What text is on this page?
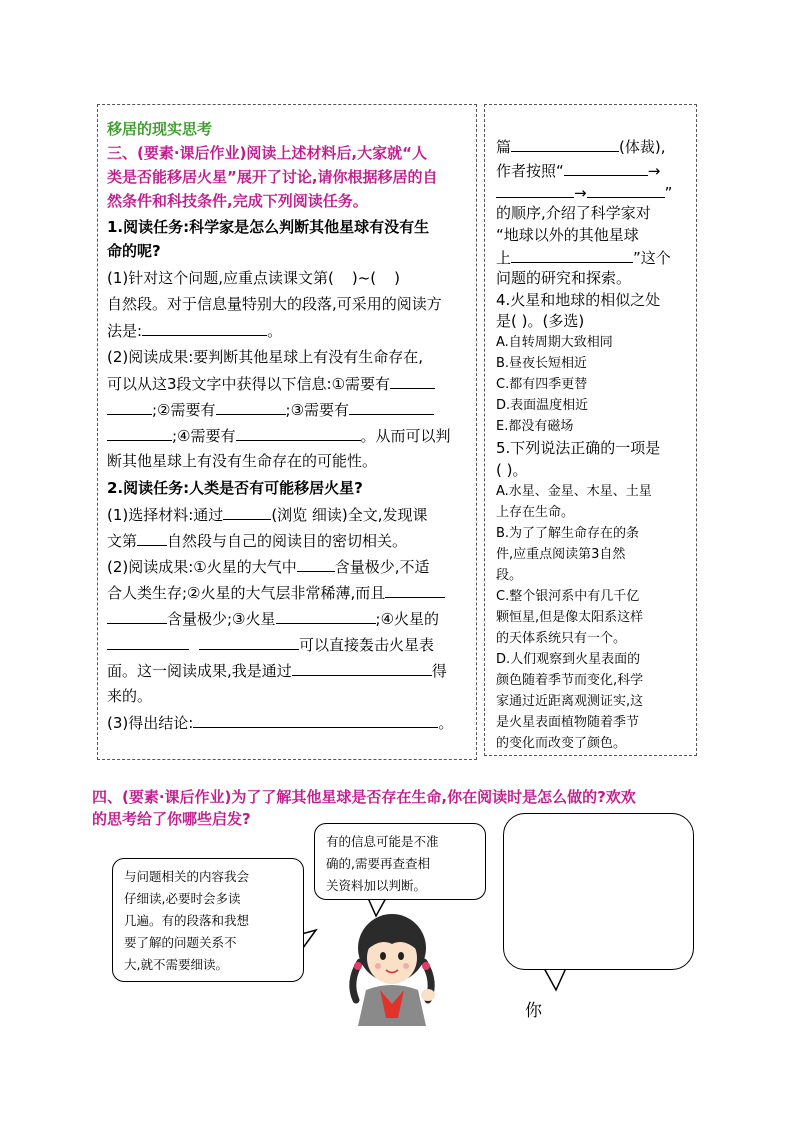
移居的现实思考
三、(要素·课后作业)阅读上述材料后,大家就“人
类是否能移居火星”展开了讨论,请你根据移居的自
然条件和科技条件,完成下列阅读任务。
1.阅读任务:科学家是怎么判断其他星球有没有生
命的呢?
(1)针对这个问题,应重点读课文第( )~( )
自然段。对于信息量特别大的段落,可采用的阅读方
法是:	。
(2)阅读成果:要判断其他星球上有没有生命存在,
可以从这3段文字中获得以下信息:①需要有
;②需要有	;③需要有
;④需要有	。从而可以判
断其他星球上有没有生命存在的可能性。
2.阅读任务:人类是否有可能移居火星?
(1)选择材料:通过	(浏览 细读)全文,发现课
文第 自然段与自己的阅读目的密切相关。
(2)阅读成果:①火星的大气中	含量极少,不适
合人类生存;②火星的大气层非常稀薄,而且
含量极少;③火星	;④火星的
可以直接轰击火星表
面。这一阅读成果,我是通过	得
来的。
(3)得出结论:	。
篇	(体裁),
作者按照“	→
→	”
的顺序,介绍了科学家对
“地球以外的其他星球
上	”这个
问题的研究和探索。
4.火星和地球的相似之处
是( )。(多选)
A.自转周期大致相同
B.昼夜长短相近
C.都有四季更替
D.表面温度相近
E.都没有磁场
5.下列说法正确的一项是
( )。
A.水星、金星、木星、土星
上存在生命。
B.为了了解生命存在的条
件,应重点阅读第3自然
段。
C.整个银河系中有几千亿
颗恒星,但是像太阳系这样
的天体系统只有一个。
D.人们观察到火星表面的
颜色随着季节而变化,科学
家通过近距离观测证实,这
是火星表面植物随着季节
的变化而改变了颜色。
四、(要素·课后作业)为了了解其他星球是否存在生命,你在阅读时是怎么做的?欢欢
的思考给了你哪些启发?
与问题相关的内容我会
仔细读,必要时会多读
几遍。有的段落和我想
要了解的问题关系不
大,就不需要细读。
有的信息可能是不准
确的,需要再查查相
关资料加以判断。
你
